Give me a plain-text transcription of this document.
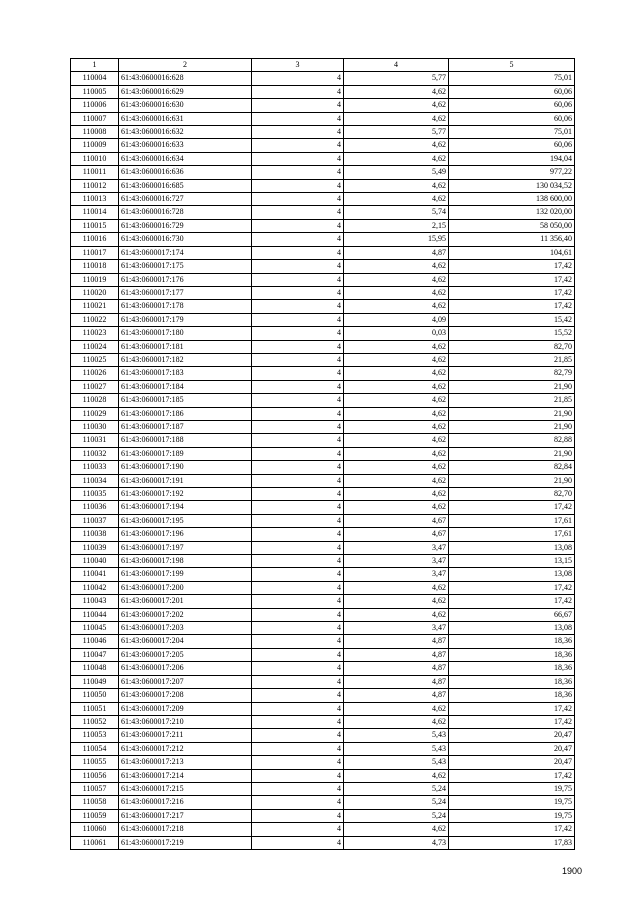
1	2	3	4	5
110004	61:43:0600016:628	4	5,77	75,01
110005	61:43:0600016:629	4	4,62	60,06
110006	61:43:0600016:630	4	4,62	60,06
110007	61:43:0600016:631	4	4,62	60,06
110008	61:43:0600016:632	4	5,77	75,01
110009	61:43:0600016:633	4	4,62	60,06
110010	61:43:0600016:634	4	4,62	194,04
110011	61:43:0600016:636	4	5,49	977,22
110012	61:43:0600016:685	4	4,62	130 034,52
110013	61:43:0600016:727	4	4,62	138 600,00
110014	61:43:0600016:728	4	5,74	132 020,00
110015	61:43:0600016:729	4	2,15	58 050,00
110016	61:43:0600016:730	4	15,95	11 356,40
110017	61:43:0600017:174	4	4,87	104,61
110018	61:43:0600017:175	4	4,62	17,42
110019	61:43:0600017:176	4	4,62	17,42
110020	61:43:0600017:177	4	4,62	17,42
110021	61:43:0600017:178	4	4,62	17,42
110022	61:43:0600017:179	4	4,09	15,42
110023	61:43:0600017:180	4	0,03	15,52
110024	61:43:0600017:181	4	4,62	82,70
110025	61:43:0600017:182	4	4,62	21,85
110026	61:43:0600017:183	4	4,62	82,79
110027	61:43:0600017:184	4	4,62	21,90
110028	61:43:0600017:185	4	4,62	21,85
110029	61:43:0600017:186	4	4,62	21,90
110030	61:43:0600017:187	4	4,62	21,90
110031	61:43:0600017:188	4	4,62	82,88
110032	61:43:0600017:189	4	4,62	21,90
110033	61:43:0600017:190	4	4,62	82,84
110034	61:43:0600017:191	4	4,62	21,90
110035	61:43:0600017:192	4	4,62	82,70
110036	61:43:0600017:194	4	4,62	17,42
110037	61:43:0600017:195	4	4,67	17,61
110038	61:43:0600017:196	4	4,67	17,61
110039	61:43:0600017:197	4	3,47	13,08
110040	61:43:0600017:198	4	3,47	13,15
110041	61:43:0600017:199	4	3,47	13,08
110042	61:43:0600017:200	4	4,62	17,42
110043	61:43:0600017:201	4	4,62	17,42
110044	61:43:0600017:202	4	4,62	66,67
110045	61:43:0600017:203	4	3,47	13,08
110046	61:43:0600017:204	4	4,87	18,36
110047	61:43:0600017:205	4	4,87	18,36
110048	61:43:0600017:206	4	4,87	18,36
110049	61:43:0600017:207	4	4,87	18,36
110050	61:43:0600017:208	4	4,87	18,36
110051	61:43:0600017:209	4	4,62	17,42
110052	61:43:0600017:210	4	4,62	17,42
110053	61:43:0600017:211	4	5,43	20,47
110054	61:43:0600017:212	4	5,43	20,47
110055	61:43:0600017:213	4	5,43	20,47
110056	61:43:0600017:214	4	4,62	17,42
110057	61:43:0600017:215	4	5,24	19,75
110058	61:43:0600017:216	4	5,24	19,75
110059	61:43:0600017:217	4	5,24	19,75
110060	61:43:0600017:218	4	4,62	17,42
110061	61:43:0600017:219	4	4,73	17,83
1900
